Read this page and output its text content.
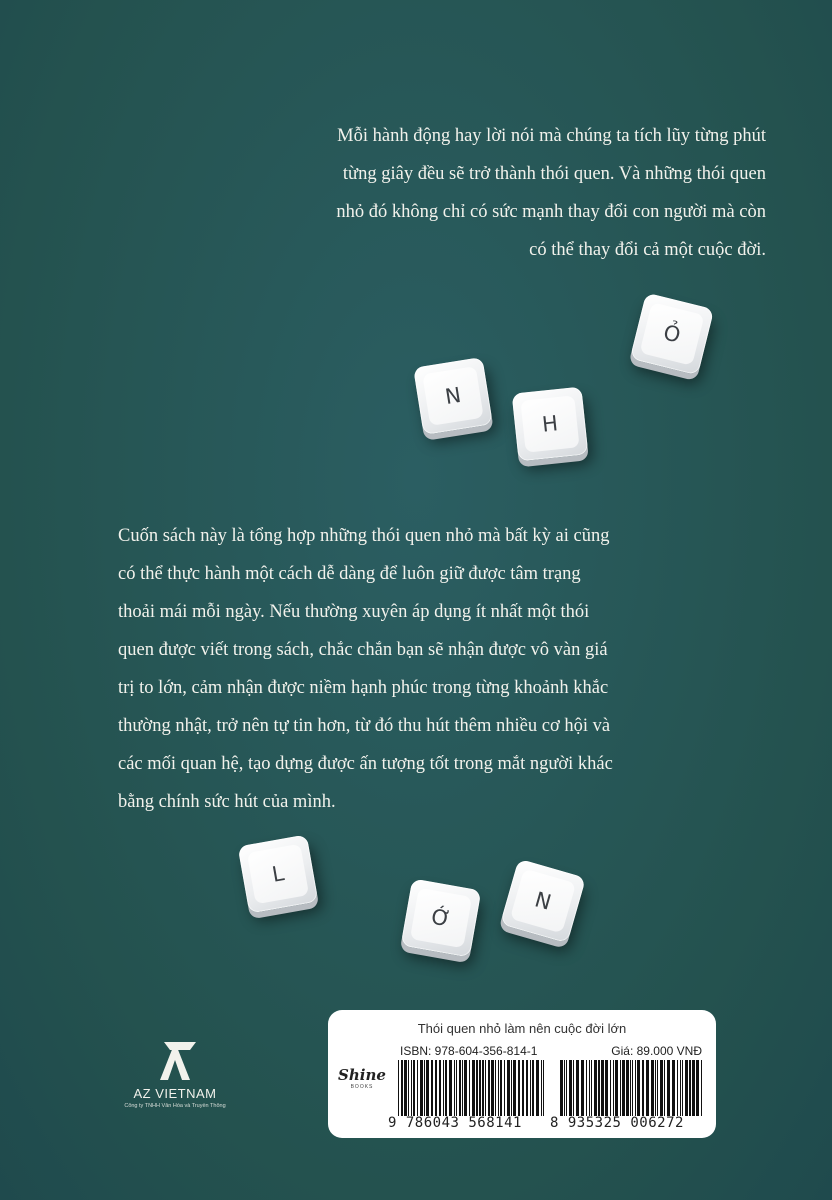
Mỗi hành động hay lời nói mà chúng ta tích lũy từng phút
từng giây đều sẽ trở thành thói quen. Và những thói quen
nhỏ đó không chỉ có sức mạnh thay đổi con người mà còn
có thể thay đổi cả một cuộc đời.

N
H
Ỏ

Cuốn sách này là tổng hợp những thói quen nhỏ mà bất kỳ ai cũng
có thể thực hành một cách dễ dàng để luôn giữ được tâm trạng
thoải mái mỗi ngày. Nếu thường xuyên áp dụng ít nhất một thói
quen được viết trong sách, chắc chắn bạn sẽ nhận được vô vàn giá
trị to lớn, cảm nhận được niềm hạnh phúc trong từng khoảnh khắc
thường nhật, trở nên tự tin hơn, từ đó thu hút thêm nhiều cơ hội và
các mối quan hệ, tạo dựng được ấn tượng tốt trong mắt người khác
bằng chính sức hút của mình.

L
Ớ
N
AZ VIETNAM
Công ty TNHH Văn Hóa và Truyền Thông
Thói quen nhỏ làm nên cuộc đời lớn
ISBN: 978-604-356-814-1	Giá: 89.000 VNĐ
Shine
BOOKS
9 786043 568141 8 935325 006272
